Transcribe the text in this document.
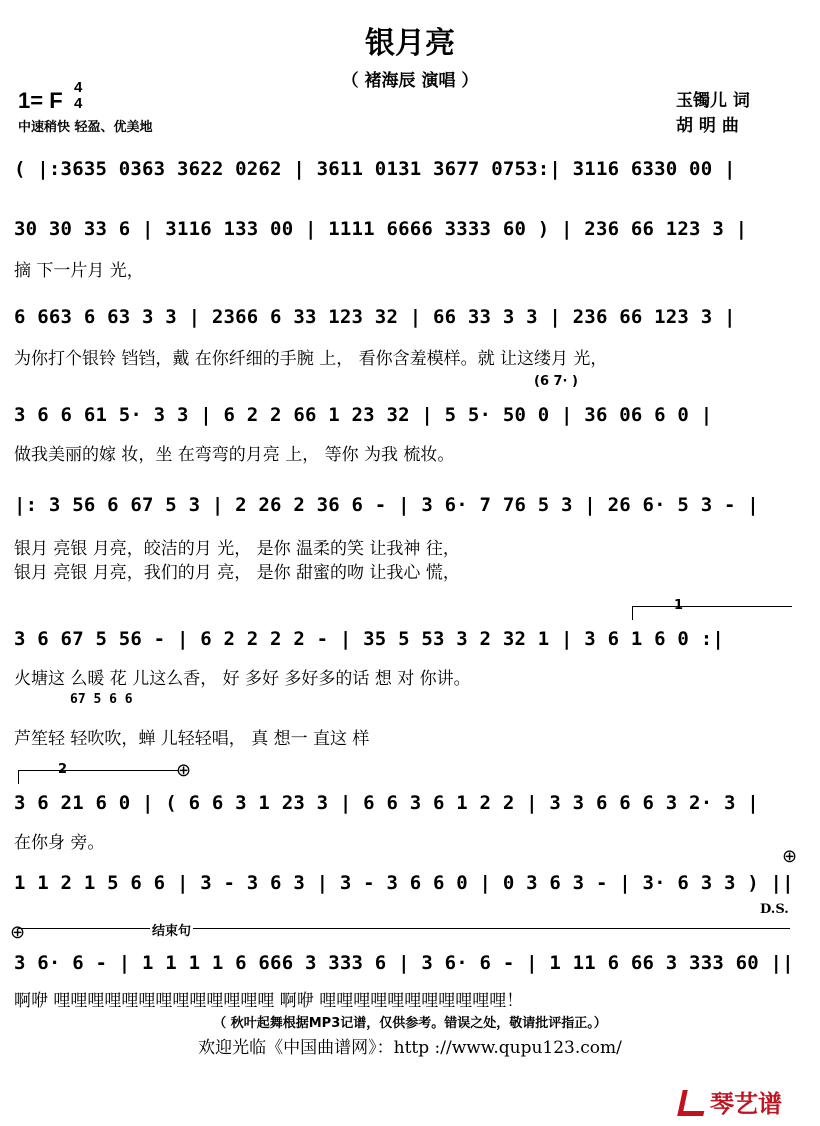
银月亮
（ 褚海辰 演唱 ）
1= F
4
4
中速稍快 轻盈、优美地
玉镯儿 词
胡 明 曲
( |:3635 0363 3622 0262 | 3611 0131 3677 0753:| 3116 6330 00 |
30 30 33 6 | 3116 133 00 | 1111 6666 3333 60 ) | 236 66 123 3 |
摘 下一片月 光，
6 663 6 63 3 3 | 2366 6 33 123 32 | 66 33 3 3 | 236 66 123 3 |
为你打个银铃 铛铛，戴 在你纤细的手腕 上， 看你含羞模样。就 让这缕月 光，
(6 7· )
3 6 6 61 5· 3 3 | 6 2 2 66 1 23 32 | 5 5· 50 0 | 36 06 6 0 |
做我美丽的嫁 妆，坐 在弯弯的月亮 上， 等你 为我 梳妆。
|: 3 56 6 67 5 3 | 2 26 2 36 6 - | 3 6· 7 76 5 3 | 26 6· 5 3 - |
银月 亮银 月亮，皎洁的月 光， 是你 温柔的笑 让我神 往，
银月 亮银 月亮，我们的月 亮， 是你 甜蜜的吻 让我心 慌，
1
3 6 67 5 56 - | 6 2 2 2 2 - | 35 5 53 3 2 32 1 | 3 6 1 6 0 :|
火塘这 么暖 花 儿这么香， 好 多好 多好多的话 想 对 你讲。
67 5 6 6
芦笙轻 轻吹吹，蝉 儿轻轻唱， 真 想一 直这 样
2	⊕
3 6 21 6 0 | ( 6 6 3 1 23 3 | 6 6 3 6 1 2 2 | 3 3 6 6 6 3 2· 3 |
在你身 旁。
⊕
1 1 2 1 5 6 6 | 3 - 3 6 3 | 3 - 3 6 6 0 | 0 3 6 3 - | 3· 6 3 3 ) ||
D.S.
结束句
⊕
3 6· 6 - | 1 1 1 1 6 666 3 333 6 | 3 6· 6 - | 1 11 6 66 3 333 60 ||
啊咿 哩哩哩哩哩哩哩哩哩哩哩哩哩 啊咿 哩哩哩哩哩哩哩哩哩哩哩！
（ 秋叶起舞根据MP3记谱，仅供参考。错误之处，敬请批评指正。）
欢迎光临《中国曲谱网》：http ://www.qupu123.com/
琴艺谱
